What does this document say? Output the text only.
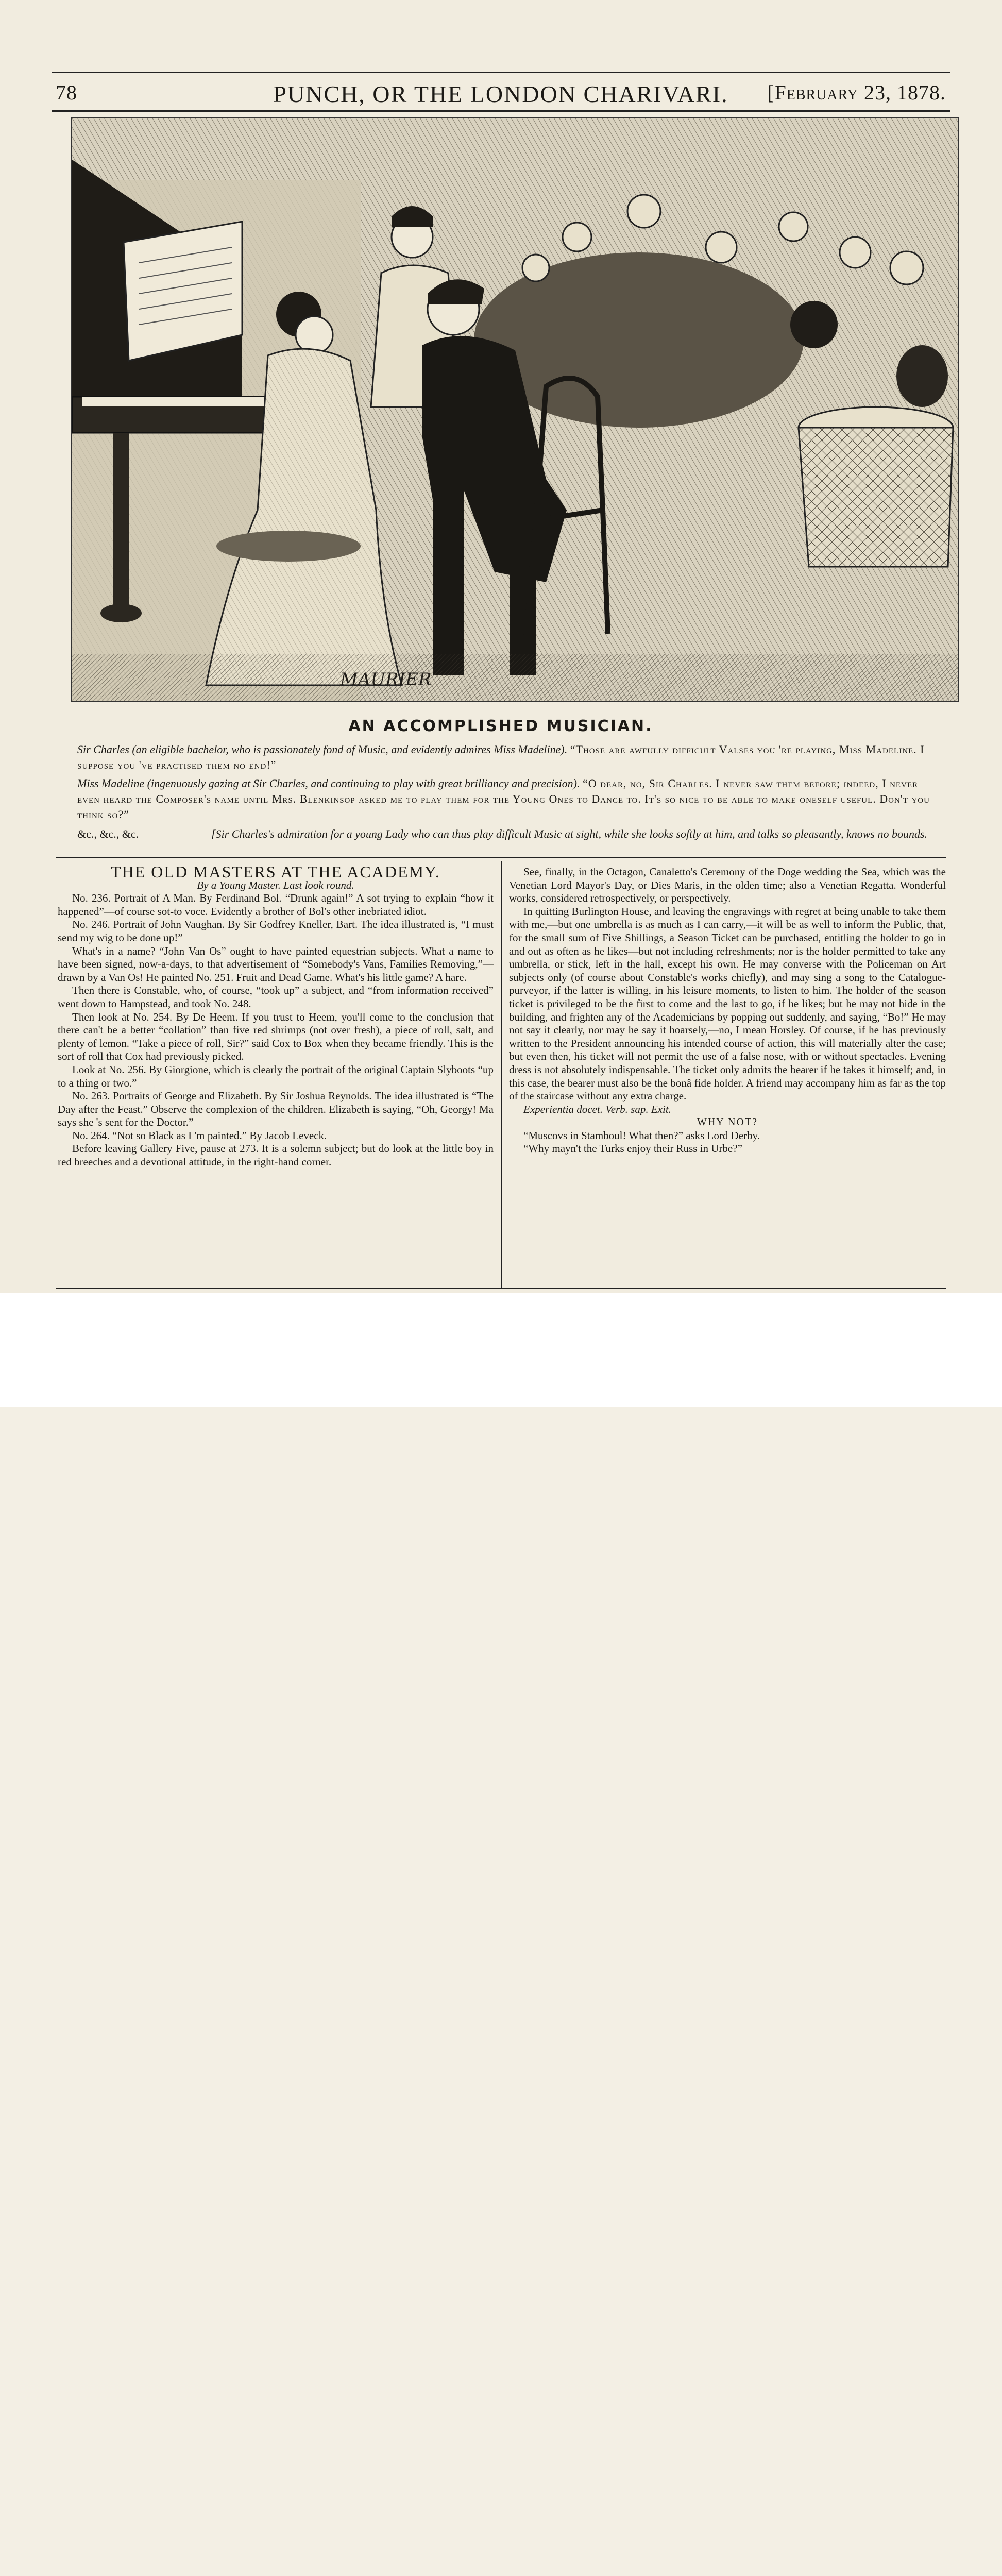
78	PUNCH, OR THE LONDON CHARIVARI.	[February 23, 1878.
MAURIER
AN ACCOMPLISHED MUSICIAN.
Sir Charles (an eligible bachelor, who is passionately fond of Music, and evidently admires Miss Madeline). “Those are awfully difficult Valses you 're playing, Miss Madeline. I suppose you 've practised them no end!”
Miss Madeline (ingenuously gazing at Sir Charles, and continuing to play with great brilliancy and precision). “O dear, no, Sir Charles. I never saw them before; indeed, I never even heard the Composer's name until Mrs. Blenkinsop asked me to play them for the Young Ones to Dance to. It's so nice to be able to make oneself useful. Don't you think so?”
&c., &c., &c.	[Sir Charles's admiration for a young Lady who can thus play difficult Music at sight, while she looks softly at him, and talks so pleasantly, knows no bounds.

THE OLD MASTERS AT THE ACADEMY.

By a Young Master. Last look round.

No. 236. Portrait of A Man. By Ferdinand Bol. “Drunk again!” A sot trying to explain “how it happened”—of course sot-to voce. Evidently a brother of Bol's other inebriated idiot.

No. 246. Portrait of John Vaughan. By Sir Godfrey Kneller, Bart. The idea illustrated is, “I must send my wig to be done up!”

What's in a name? “John Van Os” ought to have painted equestrian subjects. What a name to have been signed, now-a-days, to that advertisement of “Somebody's Vans, Families Removing,”—drawn by a Van Os! He painted No. 251. Fruit and Dead Game. What's his little game? A hare.

Then there is Constable, who, of course, “took up” a subject, and “from information received” went down to Hampstead, and took No. 248.

Then look at No. 254. By De Heem. If you trust to Heem, you'll come to the conclusion that there can't be a better “collation” than five red shrimps (not over fresh), a piece of roll, salt, and plenty of lemon. “Take a piece of roll, Sir?” said Cox to Box when they became friendly. This is the sort of roll that Cox had previously picked.

Look at No. 256. By Giorgione, which is clearly the portrait of the original Captain Slyboots “up to a thing or two.”

No. 263. Portraits of George and Elizabeth. By Sir Joshua Reynolds. The idea illustrated is “The Day after the Feast.” Observe the complexion of the children. Elizabeth is saying, “Oh, Georgy! Ma says she 's sent for the Doctor.”

No. 264. “Not so Black as I 'm painted.” By Jacob Leveck.

Before leaving Gallery Five, pause at 273. It is a solemn subject; but do look at the little boy in red breeches and a devotional attitude, in the right-hand corner.

See, finally, in the Octagon, Canaletto's Ceremony of the Doge wedding the Sea, which was the Venetian Lord Mayor's Day, or Dies Maris, in the olden time; also a Venetian Regatta. Wonderful works, considered retrospectively, or perspectively.

In quitting Burlington House, and leaving the engravings with regret at being unable to take them with me,—but one umbrella is as much as I can carry,—it will be as well to inform the Public, that, for the small sum of Five Shillings, a Season Ticket can be purchased, entitling the holder to go in and out as often as he likes—but not including refreshments; nor is the holder permitted to take any umbrella, or stick, left in the hall, except his own. He may converse with the Policeman on Art subjects only (of course about Constable's works chiefly), and may sing a song to the Catalogue-purveyor, if the latter is willing, in his leisure moments, to listen to him. The holder of the season ticket is privileged to be the first to come and the last to go, if he likes; but he may not hide in the building, and frighten any of the Academicians by popping out suddenly, and saying, “Bo!” He may not say it clearly, nor may he say it hoarsely,—no, I mean Horsley. Of course, if he has previously written to the President announcing his intended course of action, this will materially alter the case; but even then, his ticket will not permit the use of a false nose, with or without spectacles. Evening dress is not absolutely indispensable. The ticket only admits the bearer if he takes it himself; and, in this case, the bearer must also be the bonâ fide holder. A friend may accompany him as far as the top of the staircase without any extra charge.

Experientia docet. Verb. sap. Exit.

WHY NOT?

“Muscovs in Stamboul! What then?” asks Lord Derby.

“Why mayn't the Turks enjoy their Russ in Urbe?”
